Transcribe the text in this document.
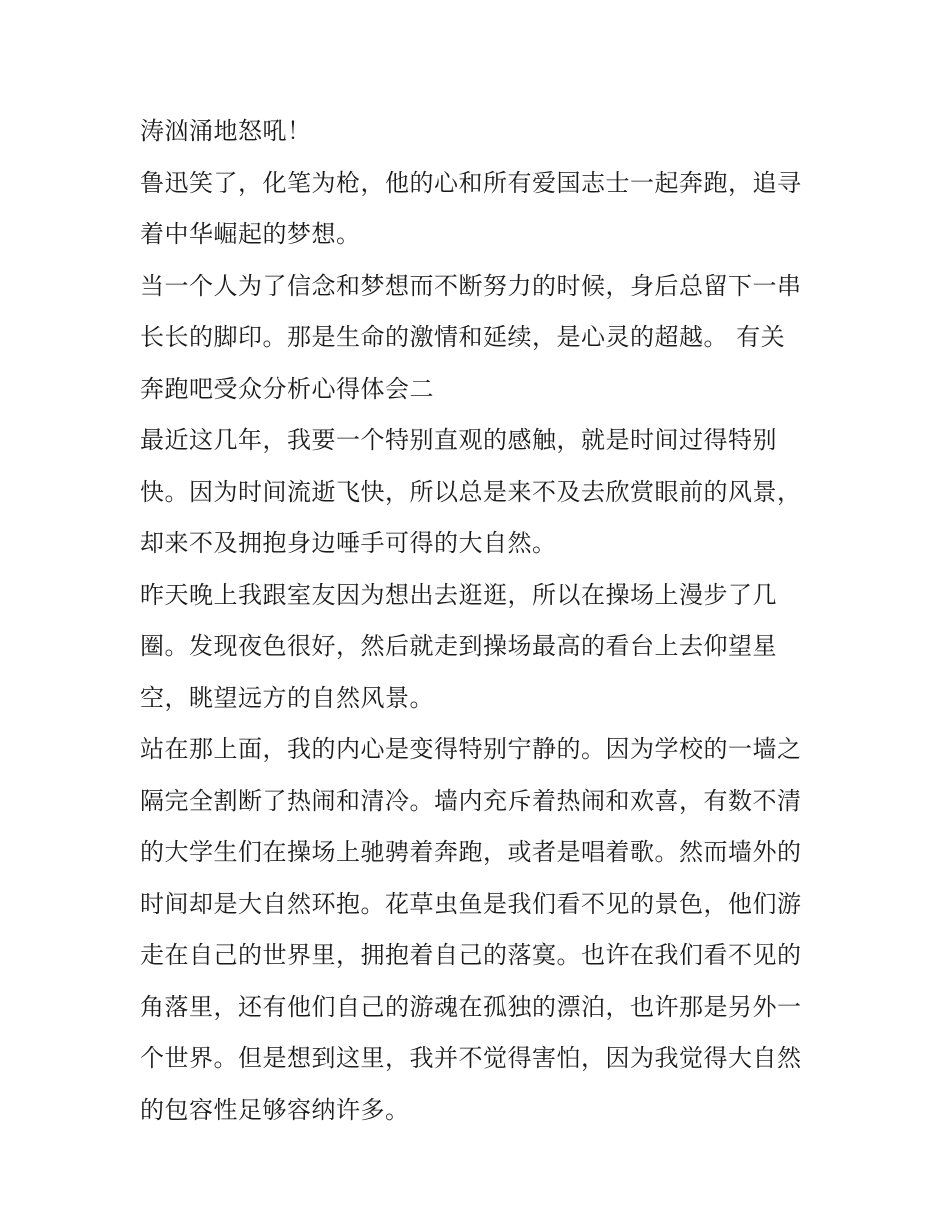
涛汹涌地怒吼！
鲁迅笑了，化笔为枪，他的心和所有爱国志士一起奔跑，追寻
着中华崛起的梦想。
当一个人为了信念和梦想而不断努力的时候，身后总留下一串
长长的脚印。那是生命的激情和延续，是心灵的超越。 有关
奔跑吧受众分析心得体会二
最近这几年，我要一个特别直观的感触，就是时间过得特别
快。因为时间流逝飞快，所以总是来不及去欣赏眼前的风景，
却来不及拥抱身边唾手可得的大自然。
昨天晚上我跟室友因为想出去逛逛，所以在操场上漫步了几
圈。发现夜色很好，然后就走到操场最高的看台上去仰望星
空，眺望远方的自然风景。
站在那上面，我的内心是变得特别宁静的。因为学校的一墙之
隔完全割断了热闹和清冷。墙内充斥着热闹和欢喜，有数不清
的大学生们在操场上驰骋着奔跑，或者是唱着歌。然而墙外的
时间却是大自然环抱。花草虫鱼是我们看不见的景色，他们游
走在自己的世界里，拥抱着自己的落寞。也许在我们看不见的
角落里，还有他们自己的游魂在孤独的漂泊，也许那是另外一
个世界。但是想到这里，我并不觉得害怕，因为我觉得大自然
的包容性足够容纳许多。
